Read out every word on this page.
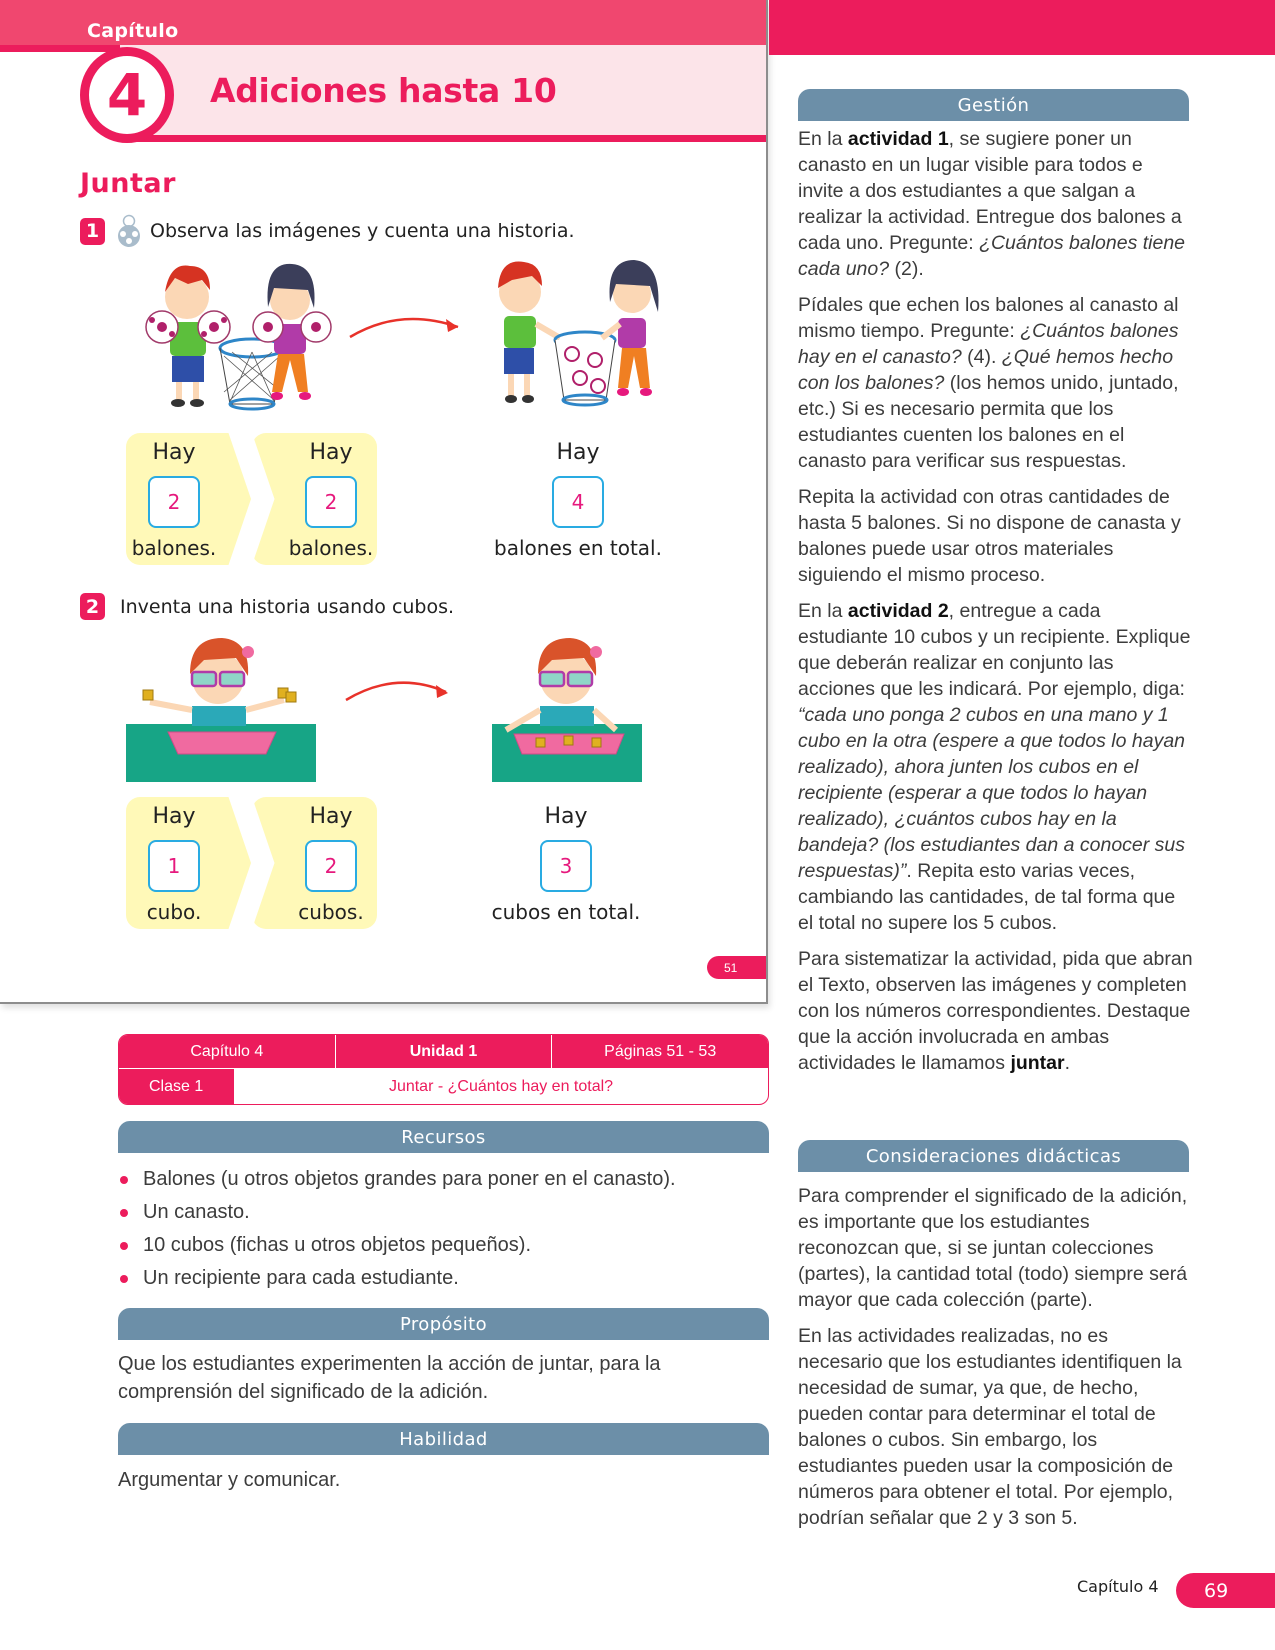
Capítulo
4	Adiciones hasta 10
Juntar
1	Observa las imágenes y cuenta una historia.
Hay
2
balones.
Hay
2
balones.
Hay
4
balones en total.
2	Inventa una historia usando cubos.
Hay
1
cubo.
Hay
2
cubos.
Hay
3
cubos en total.
51
Capítulo 4	Unidad 1	Páginas 51 - 53
Clase 1	Juntar - ¿Cuántos hay en total?
Recursos
Balones (u otros objetos grandes para poner en el canasto).
Un canasto.
10 cubos (fichas u otros objetos pequeños).
Un recipiente para cada estudiante.
Propósito
Que los estudiantes experimenten la acción de juntar, para la comprensión del significado de la adición.
Habilidad
Argumentar y comunicar.
Gestión

En la actividad 1, se sugiere poner un canasto en un lugar visible para todos e invite a dos estudiantes a que salgan a realizar la actividad. Entregue dos balones a cada uno. Pregunte: ¿Cuántos balones tiene cada uno? (2).

Pídales que echen los balones al canasto al mismo tiempo. Pregunte: ¿Cuántos balones hay en el canasto? (4). ¿Qué hemos hecho con los balones? (los hemos unido, juntado, etc.) Si es necesario permita que los estudiantes cuenten los balones en el canasto para verificar sus respuestas.

Repita la actividad con otras cantidades de hasta 5 balones. Si no dispone de canasta y balones puede usar otros materiales siguiendo el mismo proceso.

En la actividad 2, entregue a cada estudiante 10 cubos y un recipiente. Explique que deberán realizar en conjunto las acciones que les indicará. Por ejemplo, diga: “cada uno ponga 2 cubos en una mano y 1 cubo en la otra (espere a que todos lo hayan realizado), ahora junten los cubos en el recipiente (esperar a que todos lo hayan realizado), ¿cuántos cubos hay en la bandeja? (los estudiantes dan a conocer sus respuestas)”. Repita esto varias veces, cambiando las cantidades, de tal forma que el total no supere los 5 cubos.

Para sistematizar la actividad, pida que abran el Texto, observen las imágenes y completen con los números correspondientes. Destaque que la acción involucrada en ambas actividades le llamamos juntar.

Consideraciones didácticas

Para comprender el significado de la adición, es importante que los estudiantes reconozcan que, si se juntan colecciones (partes), la cantidad total (todo) siempre será mayor que cada colección (parte).

En las actividades realizadas, no es necesario que los estudiantes identifiquen la necesidad de sumar, ya que, de hecho, pueden contar para determinar el total de balones o cubos. Sin embargo, los estudiantes pueden usar la composición de números para obtener el total. Por ejemplo, podrían señalar que 2 y 3 son 5.

Capítulo 4	69
